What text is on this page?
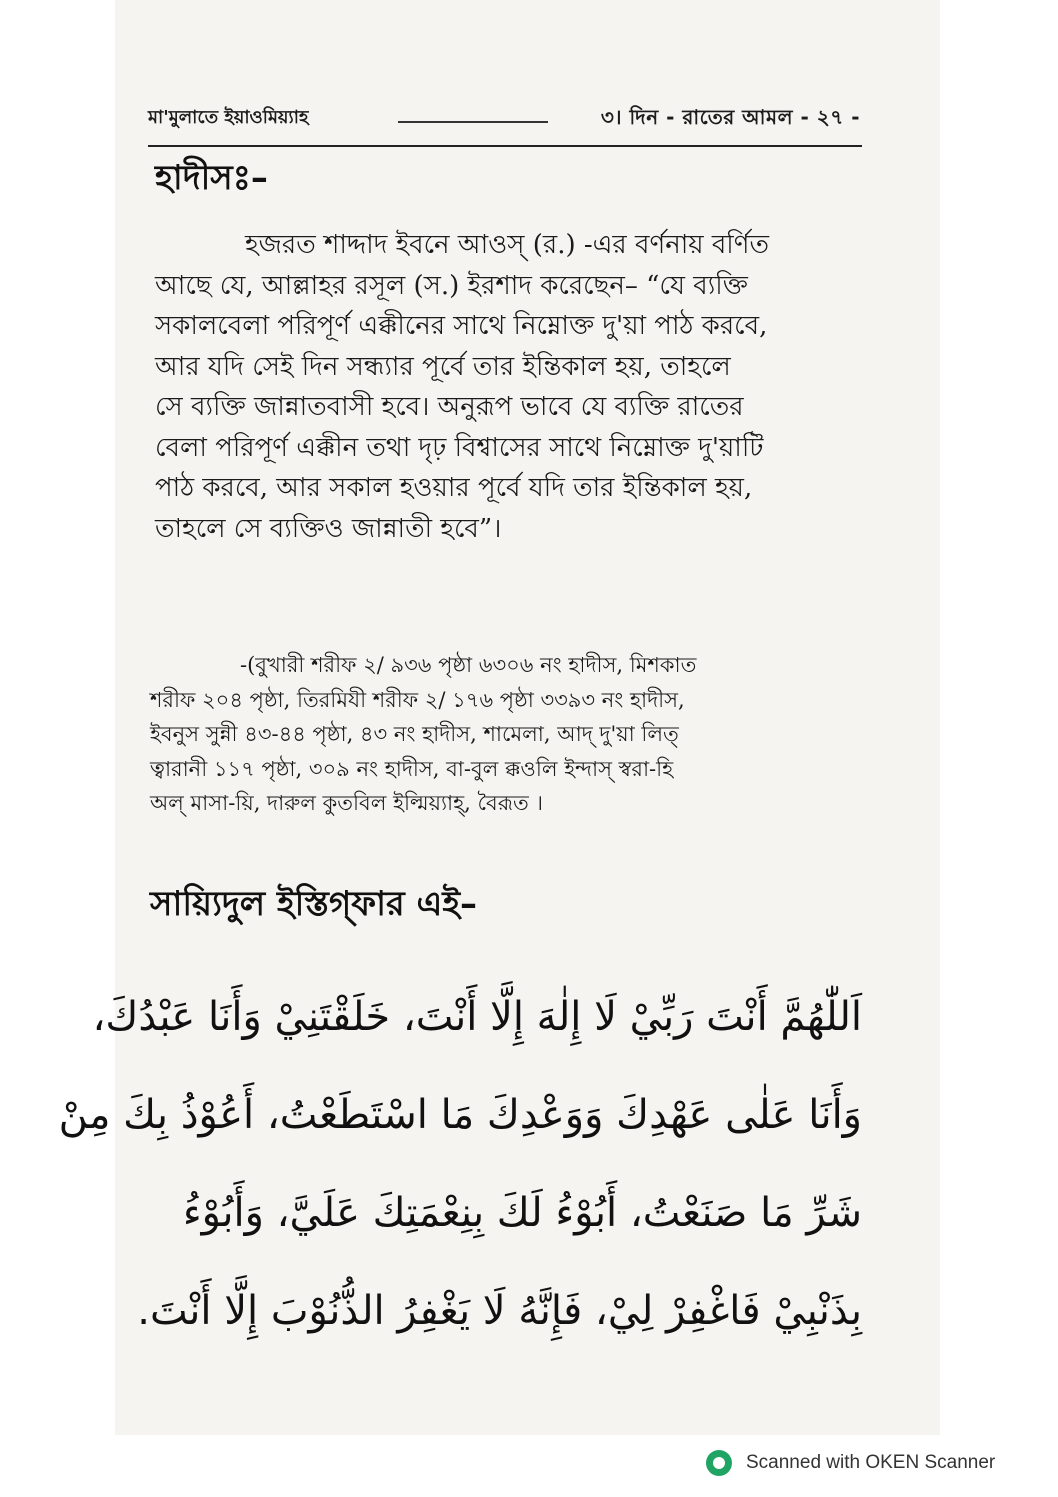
মা'মুলাতে ইয়াওমিয়্যাহ	৩। দিন - রাতের আমল - ২৭ -
হাদীসঃ–
হজরত শাদ্দাদ ইবনে আওস্ (র.) -এর বর্ণনায় বর্ণিত
আছে যে, আল্লাহর রসূল (স.) ইরশাদ করেছেন– “যে ব্যক্তি
সকালবেলা পরিপূর্ণ এক্কীনের সাথে নিম্নোক্ত দু'য়া পাঠ করবে,
আর যদি সেই দিন সন্ধ্যার পূর্বে তার ইন্তিকাল হয়, তাহলে
সে ব্যক্তি জান্নাতবাসী হবে। অনুরূপ ভাবে যে ব্যক্তি রাতের
বেলা পরিপূর্ণ এক্কীন তথা দৃঢ় বিশ্বাসের সাথে নিম্নোক্ত দু'য়াটি
পাঠ করবে, আর সকাল হওয়ার পূর্বে যদি তার ইন্তিকাল হয়,
তাহলে সে ব্যক্তিও জান্নাতী হবে”।
-(বুখারী শরীফ ২/ ৯৩৬ পৃষ্ঠা ৬৩০৬ নং হাদীস, মিশকাত
শরীফ ২০৪ পৃষ্ঠা, তিরমিযী শরীফ ২/ ১৭৬ পৃষ্ঠা ৩৩৯৩ নং হাদীস,
ইবনুস সুন্নী ৪৩-৪৪ পৃষ্ঠা, ৪৩ নং হাদীস, শামেলা, আদ্ দু'য়া লিত্
ত্বারানী ১১৭ পৃষ্ঠা, ৩০৯ নং হাদীস, বা-বুল ক্কওলি ইন্দাস্ স্বরা-হি
অল্ মাসা-য়ি, দারুল কুতবিল ইল্মিয়্যাহ্, বৈরূত ।
সায়্যিদুল ইস্তিগ্ফার এই–
اَللّٰهُمَّ أَنْتَ رَبِّيْ لَا إِلٰهَ إِلَّا أَنْتَ، خَلَقْتَنِيْ وَأَنَا عَبْدُكَ،
وَأَنَا عَلٰى عَهْدِكَ وَوَعْدِكَ مَا اسْتَطَعْتُ، أَعُوْذُ بِكَ مِنْ
شَرِّ مَا صَنَعْتُ، أَبُوْءُ لَكَ بِنِعْمَتِكَ عَلَيَّ، وَأَبُوْءُ
بِذَنْبِيْ فَاغْفِرْ لِيْ، فَإِنَّهُ لَا يَغْفِرُ الذُّنُوْبَ إِلَّا أَنْتَ.
Scanned with OKEN Scanner
